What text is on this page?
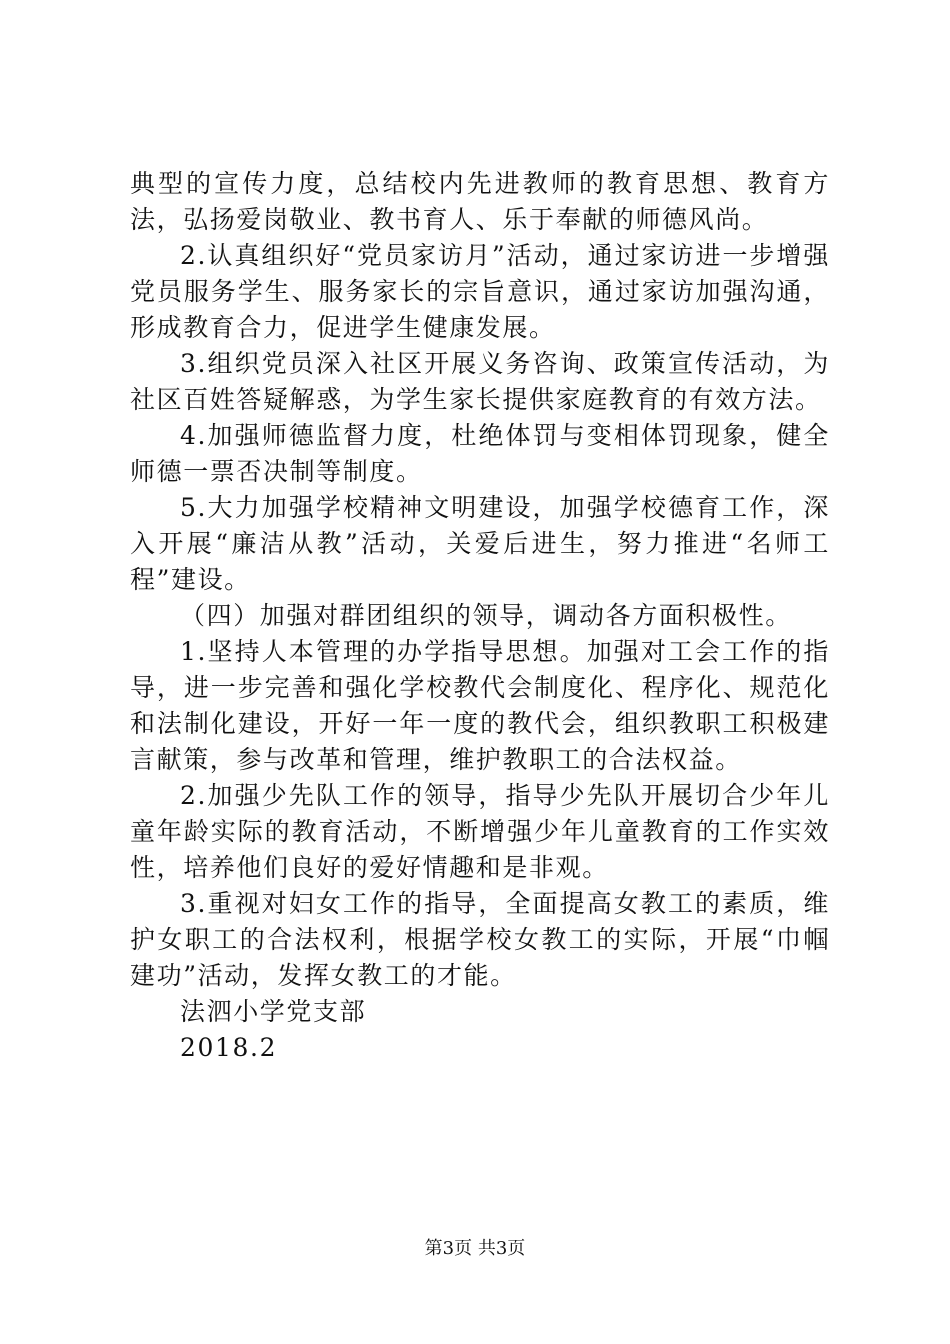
典型的宣传力度，总结校内先进教师的教育思想、教育方法，弘扬爱岗敬业、教书育人、乐于奉献的师德风尚。

2.认真组织好“党员家访月”活动，通过家访进一步增强党员服务学生、服务家长的宗旨意识，通过家访加强沟通，形成教育合力，促进学生健康发展。

3.组织党员深入社区开展义务咨询、政策宣传活动，为社区百姓答疑解惑，为学生家长提供家庭教育的有效方法。

4.加强师德监督力度，杜绝体罚与变相体罚现象，健全师德一票否决制等制度。

5.大力加强学校精神文明建设，加强学校德育工作，深入开展“廉洁从教”活动，关爱后进生，努力推进“名师工程”建设。

（四）加强对群团组织的领导，调动各方面积极性。

1.坚持人本管理的办学指导思想。加强对工会工作的指导，进一步完善和强化学校教代会制度化、程序化、规范化和法制化建设，开好一年一度的教代会，组织教职工积极建言献策，参与改革和管理，维护教职工的合法权益。

2.加强少先队工作的领导，指导少先队开展切合少年儿童年龄实际的教育活动，不断增强少年儿童教育的工作实效性，培养他们良好的爱好情趣和是非观。

3.重视对妇女工作的指导，全面提高女教工的素质，维护女职工的合法权利，根据学校女教工的实际，开展“巾帼建功”活动，发挥女教工的才能。

法泗小学党支部

2018.2

第3页 共3页
